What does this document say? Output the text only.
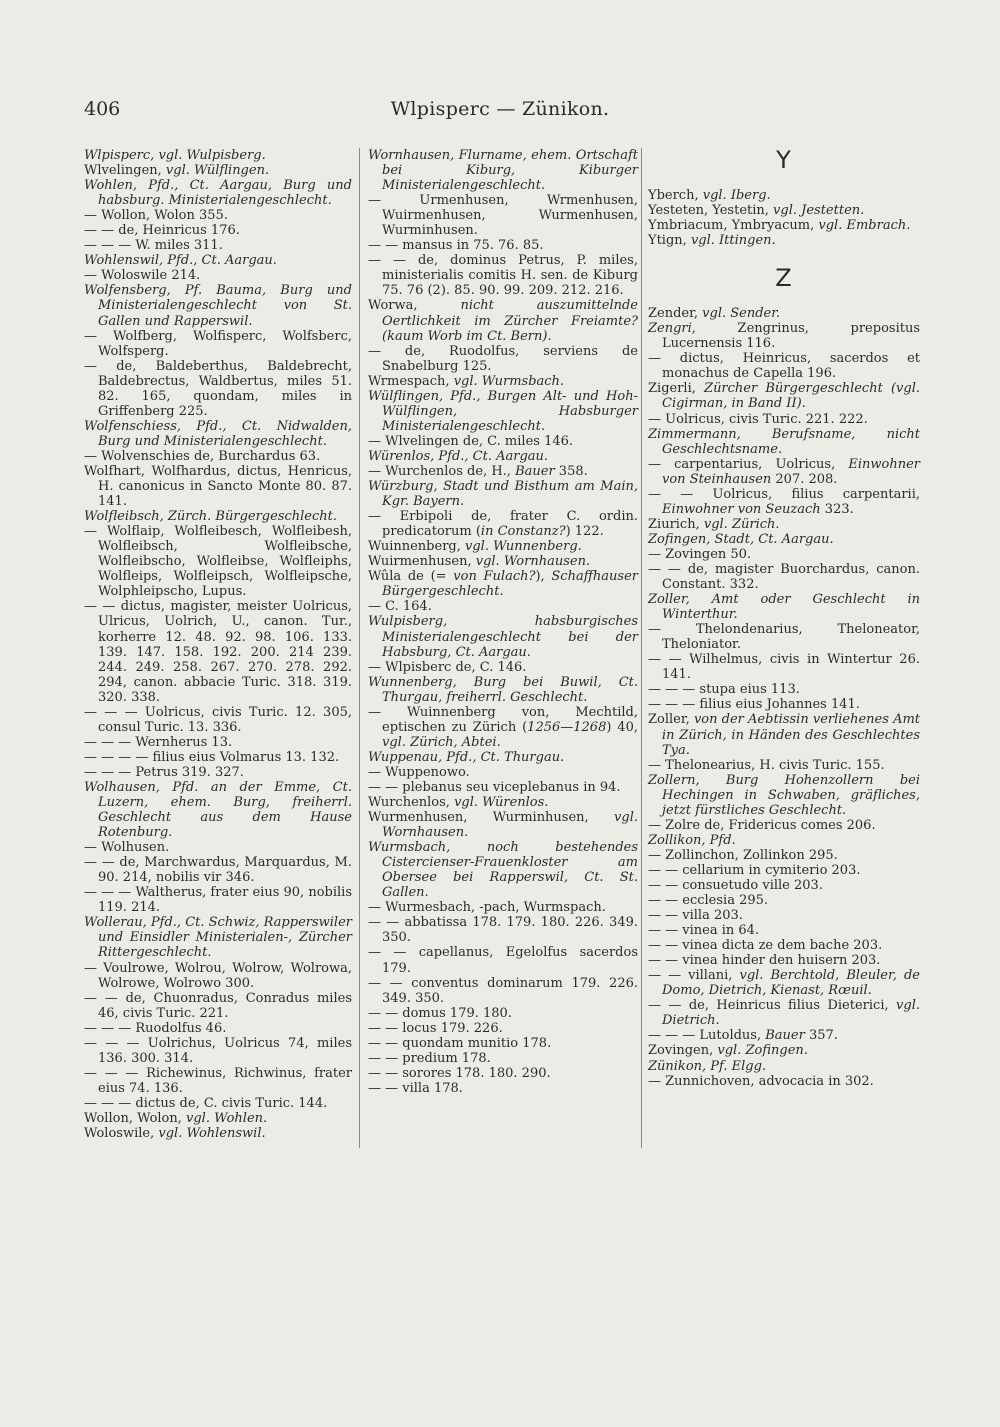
406	Wlpisperc — Zünikon.
Wlpisperc, vgl. Wulpisberg.
Wlvelingen, vgl. Wülflingen.
Wohlen, Pfd., Ct. Aargau, Burg und habsburg. Ministerialengeschlecht.
— Wollon, Wolon 355.
— — de, Heinricus 176.
— — — W. miles 311.
Wohlenswil, Pfd., Ct. Aargau.
— Woloswile 214.
Wolfensberg, Pf. Bauma, Burg und Ministerialengeschlecht von St. Gallen und Rapperswil.
— Wolfberg, Wolfisperc, Wolfsberc, Wolfsperg.
— de, Baldeberthus, Baldebrecht, Baldebrectus, Waldbertus, miles 51. 82. 165, quondam, miles in Griffenberg 225.
Wolfenschiess, Pfd., Ct. Nidwalden, Burg und Ministerialengeschlecht.
— Wolvenschies de, Burchardus 63.
Wolfhart, Wolfhardus, dictus, Henricus, H. canonicus in Sancto Monte 80. 87. 141.
Wolfleibsch, Zürch. Bürgergeschlecht.
— Wolflaip, Wolfleibesch, Wolfleibesh, Wolfleibsch, Wolfleibsche, Wolfleibscho, Wolfleibse, Wolfleiphs, Wolfleips, Wolfleipsch, Wolfleipsche, Wolphleipscho, Lupus.
— — dictus, magister, meister Uolricus, Ulricus, Uolrich, U., canon. Tur., korherre 12. 48. 92. 98. 106. 133. 139. 147. 158. 192. 200. 214 239. 244. 249. 258. 267. 270. 278. 292. 294, canon. abbacie Turic. 318. 319. 320. 338.
— — — Uolricus, civis Turic. 12. 305, consul Turic. 13. 336.
— — — Wernherus 13.
— — — — filius eius Volmarus 13. 132.
— — — Petrus 319. 327.
Wolhausen, Pfd. an der Emme, Ct. Luzern, ehem. Burg, freiherrl. Geschlecht aus dem Hause Rotenburg.
— Wolhusen.
— — de, Marchwardus, Marquardus, M. 90. 214, nobilis vir 346.
— — — Waltherus, frater eius 90, nobilis 119. 214.
Wollerau, Pfd., Ct. Schwiz, Rapperswiler und Einsidler Ministerialen-, Zürcher Rittergeschlecht.
— Voulrowe, Wolrou, Wolrow, Wolrowa, Wolrowe, Wolrowo 300.
— — de, Chuonradus, Conradus miles 46, civis Turic. 221.
— — — Ruodolfus 46.
— — — Uolrichus, Uolricus 74, miles 136. 300. 314.
— — — Richewinus, Richwinus, frater eius 74. 136.
— — — dictus de, C. civis Turic. 144.
Wollon, Wolon, vgl. Wohlen.
Woloswile, vgl. Wohlenswil.
Wornhausen, Flurname, ehem. Ortschaft bei Kiburg, Kiburger Ministerialengeschlecht.
— Urmenhusen, Wrmenhusen, Wuirmenhusen, Wurmenhusen, Wurminhusen.
— — mansus in 75. 76. 85.
— — de, dominus Petrus, P. miles, ministerialis comitis H. sen. de Kiburg 75. 76 (2). 85. 90. 99. 209. 212. 216.
Worwa, nicht auszumittelnde Oertlichkeit im Zürcher Freiamte? (kaum Worb im Ct. Bern).
— de, Ruodolfus, serviens de Snabelburg 125.
Wrmespach, vgl. Wurmsbach.
Wülflingen, Pfd., Burgen Alt- und Hoh-Wülflingen, Habsburger Ministerialengeschlecht.
— Wlvelingen de, C. miles 146.
Würenlos, Pfd., Ct. Aargau.
— Wurchenlos de, H., Bauer 358.
Würzburg, Stadt und Bisthum am Main, Kgr. Bayern.
— Erbipoli de, frater C. ordin. predicatorum (in Constanz?) 122.
Wuinnenberg, vgl. Wunnenberg.
Wuirmenhusen, vgl. Wornhausen.
Wûla de (= von Fulach?), Schaffhauser Bürgergeschlecht.
— C. 164.
Wulpisberg, habsburgisches Ministerialengeschlecht bei der Habsburg, Ct. Aargau.
— Wlpisberc de, C. 146.
Wunnenberg, Burg bei Buwil, Ct. Thurgau, freiherrl. Geschlecht.
— Wuinnenberg von, Mechtild, eptischen zu Zürich (1256—1268) 40, vgl. Zürich, Abtei.
Wuppenau, Pfd., Ct. Thurgau.
— Wuppenowo.
— — plebanus seu viceplebanus in 94.
Wurchenlos, vgl. Würenlos.
Wurmenhusen, Wurminhusen, vgl. Wornhausen.
Wurmsbach, noch bestehendes Cistercienser-Frauenkloster am Obersee bei Rapperswil, Ct. St. Gallen.
— Wurmesbach, -pach, Wurmspach.
— — abbatissa 178. 179. 180. 226. 349. 350.
— — capellanus, Egelolfus sacerdos 179.
— — conventus dominarum 179. 226. 349. 350.
— — domus 179. 180.
— — locus 179. 226.
— — quondam munitio 178.
— — predium 178.
— — sorores 178. 180. 290.
— — villa 178.
Y
Yberch, vgl. Iberg.
Yesteten, Yestetin, vgl. Jestetten.
Ymbriacum, Ymbryacum, vgl. Embrach.
Ytign, vgl. Ittingen.
Z
Zender, vgl. Sender.
Zengri, Zengrinus, prepositus Lucernensis 116.
— dictus, Heinricus, sacerdos et monachus de Capella 196.
Zigerli, Zürcher Bürgergeschlecht (vgl. Cigirman, in Band II).
— Uolricus, civis Turic. 221. 222.
Zimmermann, Berufsname, nicht Geschlechtsname.
— carpentarius, Uolricus, Einwohner von Steinhausen 207. 208.
— — Uolricus, filius carpentarii, Einwohner von Seuzach 323.
Ziurich, vgl. Zürich.
Zofingen, Stadt, Ct. Aargau.
— Zovingen 50.
— — de, magister Buorchardus, canon. Constant. 332.
Zoller, Amt oder Geschlecht in Winterthur.
— Thelondenarius, Theloneator, Theloniator.
— — Wilhelmus, civis in Wintertur 26. 141.
— — — stupa eius 113.
— — — filius eius Johannes 141.
Zoller, von der Aebtissin verliehenes Amt in Zürich, in Händen des Geschlechtes Tya.
— Thelonearius, H. civis Turic. 155.
Zollern, Burg Hohenzollern bei Hechingen in Schwaben, gräfliches, jetzt fürstliches Geschlecht.
— Zolre de, Fridericus comes 206.
Zollikon, Pfd.
— Zollinchon, Zollinkon 295.
— — cellarium in cymiterio 203.
— — consuetudo ville 203.
— — ecclesia 295.
— — villa 203.
— — vinea in 64.
— — vinea dicta ze dem bache 203.
— — vinea hinder den huisern 203.
— — villani, vgl. Berchtold, Bleuler, de Domo, Dietrich, Kienast, Rœuil.
— — de, Heinricus filius Dieterici, vgl. Dietrich.
— — — Lutoldus, Bauer 357.
Zovingen, vgl. Zofingen.
Zünikon, Pf. Elgg.
— Zunnichoven, advocacia in 302.
